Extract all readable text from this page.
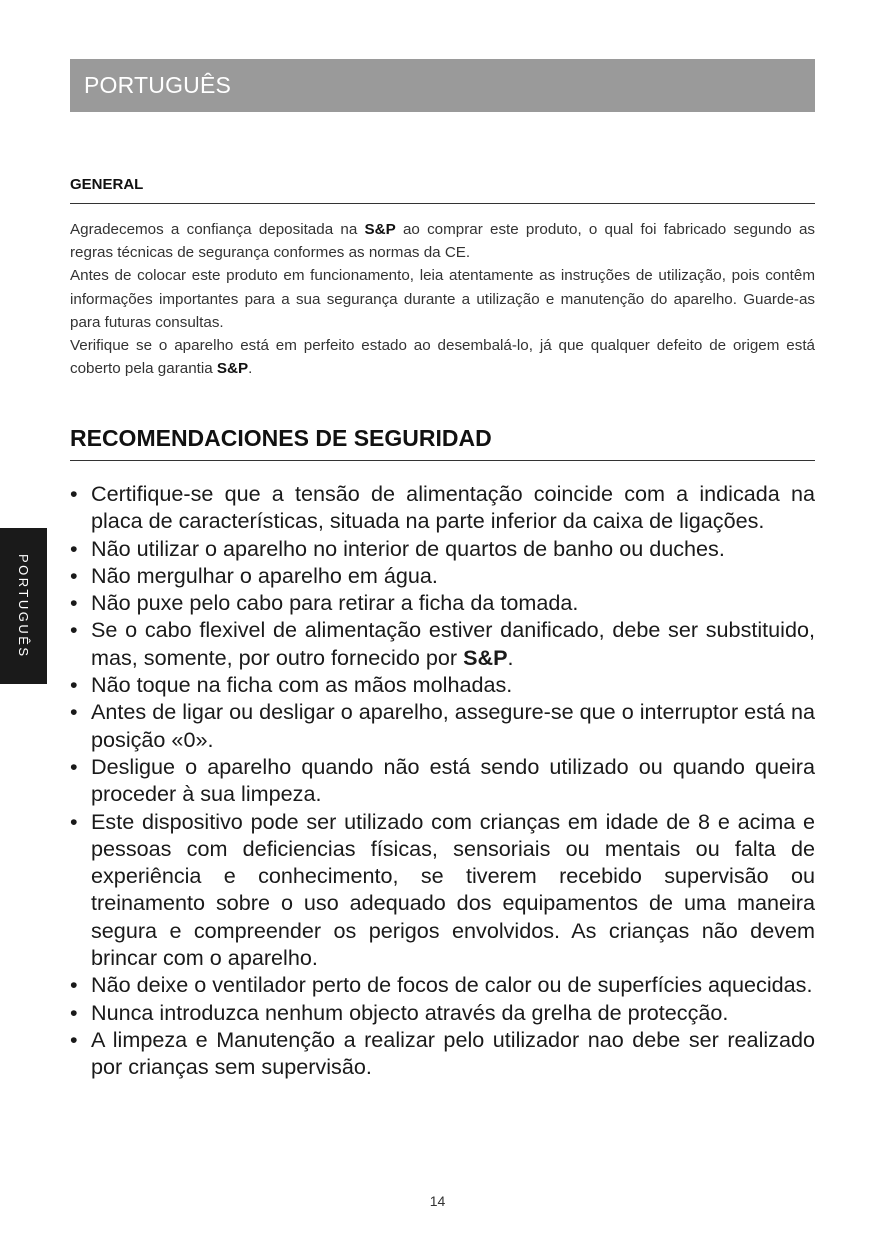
PORTUGUÊS
PORTUGUÊS
GENERAL

Agradecemos a confiança depositada na S&P ao comprar este produto, o qual foi fabricado segundo as regras técnicas de segurança conformes as normas da CE.

Antes de colocar este produto em funcionamento, leia atentamente as instruções de utilização, pois contêm informações importantes para a sua segurança durante a utilização e manutenção do aparelho. Guarde-as para futuras consultas.

Verifique se o aparelho está em perfeito estado ao desembalá-lo, já que qualquer defeito de origem está coberto pela garantia S&P.

RECOMENDACIONES DE SEGURIDAD
• Certifique-se que a tensão de alimentação coincide com a indicada na placa de características, situada na parte inferior da caixa de ligações.
• Não utilizar o aparelho no interior de quartos de banho ou duches.
• Não mergulhar o aparelho em água.
• Não puxe pelo cabo para retirar a ficha da tomada.
• Se o cabo flexivel de alimentação estiver danificado, debe ser substituido, mas, somente, por outro fornecido por S&P.
• Não toque na ficha com as mãos molhadas.
• Antes de ligar ou desligar o aparelho, assegure-se que o interruptor está na posição «0».
• Desligue o aparelho quando não está sendo utilizado ou quando queira proceder à sua limpeza.
• Este dispositivo pode ser utilizado com crianças em idade de 8 e acima e pessoas com deficiencias físicas, sensoriais ou mentais ou falta de experiência e conhecimento, se tiverem recebido supervisão ou treinamento sobre o uso adequado dos equipamentos de uma maneira segura e compreender os perigos envolvidos. As crianças não devem brincar com o aparelho.
• Não deixe o ventilador perto de focos de calor ou de superfícies aquecidas.
• Nunca introduzca nenhum objecto através da grelha de protecção.
• A limpeza e Manutenção a realizar pelo utilizador nao debe ser realizado por crianças sem supervisão.
14
